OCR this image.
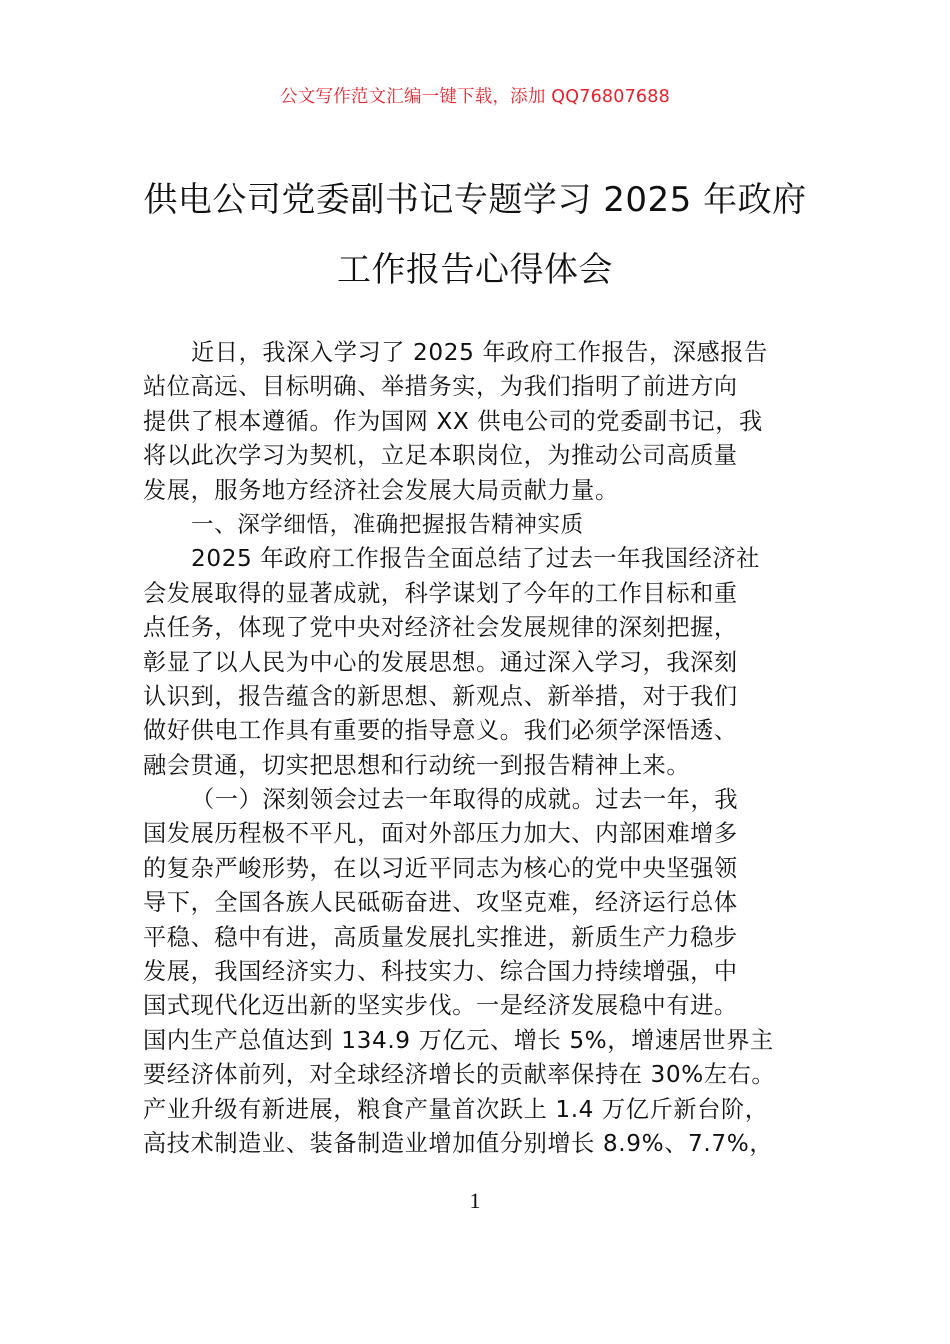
公文写作范文汇编一键下载，添加 QQ76807688
供电公司党委副书记专题学习 2025 年政府
工作报告心得体会
近日，我深入学习了 2025 年政府工作报告，深感报告
站位高远、目标明确、举措务实，为我们指明了前进方向
提供了根本遵循。作为国网 XX 供电公司的党委副书记，我
将以此次学习为契机，立足本职岗位，为推动公司高质量
发展，服务地方经济社会发展大局贡献力量。
一、深学细悟，准确把握报告精神实质
2025 年政府工作报告全面总结了过去一年我国经济社
会发展取得的显著成就，科学谋划了今年的工作目标和重
点任务，体现了党中央对经济社会发展规律的深刻把握，
彰显了以人民为中心的发展思想。通过深入学习，我深刻
认识到，报告蕴含的新思想、新观点、新举措，对于我们
做好供电工作具有重要的指导意义。我们必须学深悟透、
融会贯通，切实把思想和行动统一到报告精神上来。
（一）深刻领会过去一年取得的成就。过去一年，我
国发展历程极不平凡，面对外部压力加大、内部困难增多
的复杂严峻形势，在以习近平同志为核心的党中央坚强领
导下，全国各族人民砥砺奋进、攻坚克难，经济运行总体
平稳、稳中有进，高质量发展扎实推进，新质生产力稳步
发展，我国经济实力、科技实力、综合国力持续增强，中
国式现代化迈出新的坚实步伐。一是经济发展稳中有进。
国内生产总值达到 134.9 万亿元、增长 5%，增速居世界主
要经济体前列，对全球经济增长的贡献率保持在 30%左右。
产业升级有新进展，粮食产量首次跃上 1.4 万亿斤新台阶，
高技术制造业、装备制造业增加值分别增长 8.9%、7.7%，
1
